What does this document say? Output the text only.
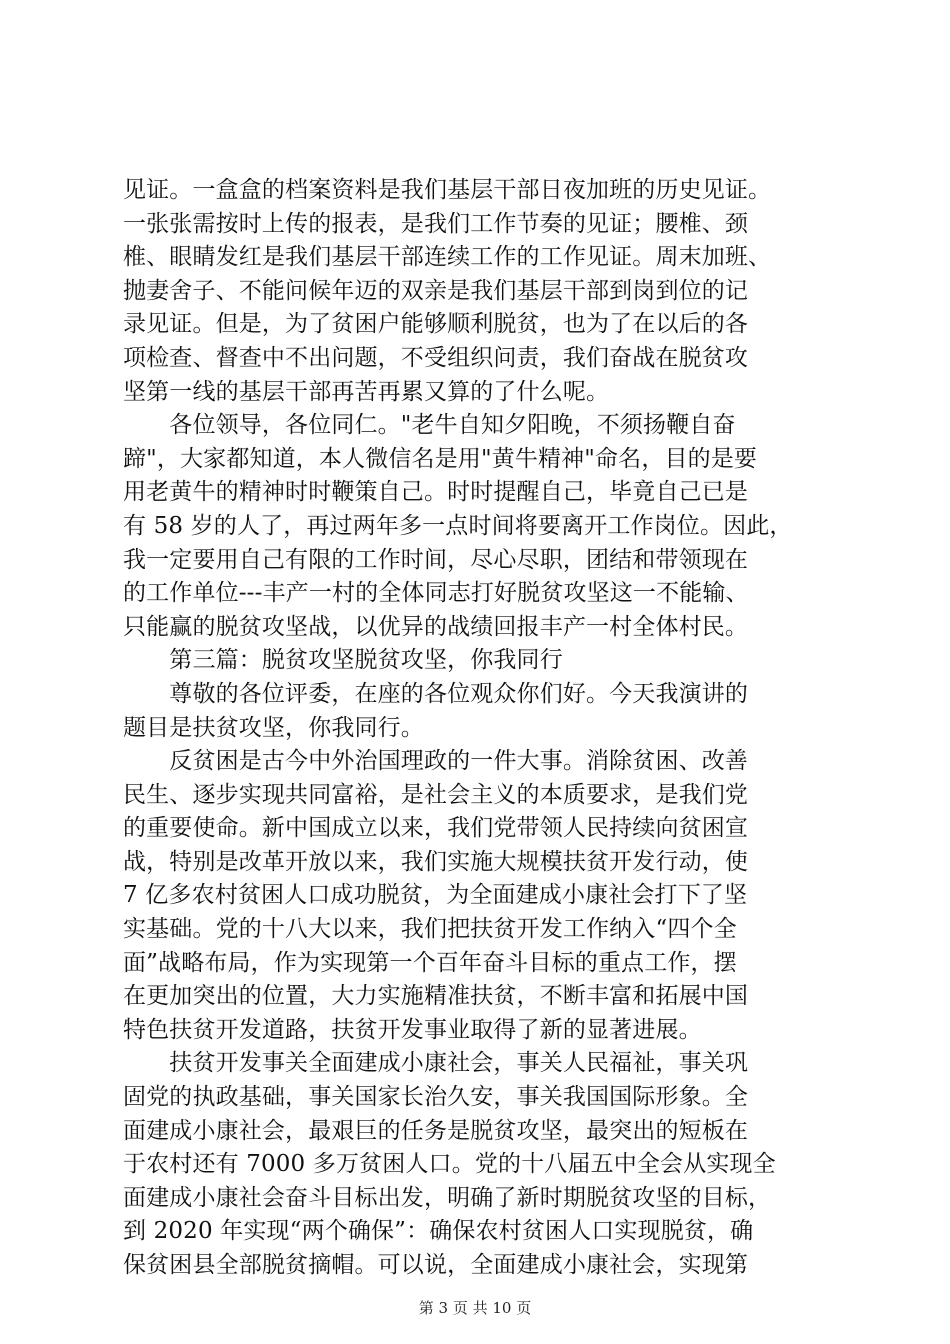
见证。一盒盒的档案资料是我们基层干部日夜加班的历史见证。
一张张需按时上传的报表，是我们工作节奏的见证；腰椎、颈
椎、眼睛发红是我们基层干部连续工作的工作见证。周末加班、
抛妻舍子、不能问候年迈的双亲是我们基层干部到岗到位的记
录见证。但是，为了贫困户能够顺利脱贫，也为了在以后的各
项检查、督查中不出问题，不受组织问责，我们奋战在脱贫攻
坚第一线的基层干部再苦再累又算的了什么呢。
　　各位领导，各位同仁。"老牛自知夕阳晚，不须扬鞭自奋
蹄"，大家都知道，本人微信名是用"黄牛精神"命名，目的是要
用老黄牛的精神时时鞭策自己。时时提醒自己，毕竟自己已是
有 58 岁的人了，再过两年多一点时间将要离开工作岗位。因此，
我一定要用自己有限的工作时间，尽心尽职，团结和带领现在
的工作单位---丰产一村的全体同志打好脱贫攻坚这一不能输、
只能赢的脱贫攻坚战，以优异的战绩回报丰产一村全体村民。
　　第三篇：脱贫攻坚脱贫攻坚，你我同行
　　尊敬的各位评委，在座的各位观众你们好。今天我演讲的
题目是扶贫攻坚，你我同行。
　　反贫困是古今中外治国理政的一件大事。消除贫困、改善
民生、逐步实现共同富裕，是社会主义的本质要求，是我们党
的重要使命。新中国成立以来，我们党带领人民持续向贫困宣
战，特别是改革开放以来，我们实施大规模扶贫开发行动，使
7 亿多农村贫困人口成功脱贫，为全面建成小康社会打下了坚
实基础。党的十八大以来，我们把扶贫开发工作纳入“四个全
面”战略布局，作为实现第一个百年奋斗目标的重点工作，摆
在更加突出的位置，大力实施精准扶贫，不断丰富和拓展中国
特色扶贫开发道路，扶贫开发事业取得了新的显著进展。
　　扶贫开发事关全面建成小康社会，事关人民福祉，事关巩
固党的执政基础，事关国家长治久安，事关我国国际形象。全
面建成小康社会，最艰巨的任务是脱贫攻坚，最突出的短板在
于农村还有 7000 多万贫困人口。党的十八届五中全会从实现全
面建成小康社会奋斗目标出发，明确了新时期脱贫攻坚的目标，
到 2020 年实现“两个确保”：确保农村贫困人口实现脱贫，确
保贫困县全部脱贫摘帽。可以说，全面建成小康社会，实现第
第 3 页 共 10 页
